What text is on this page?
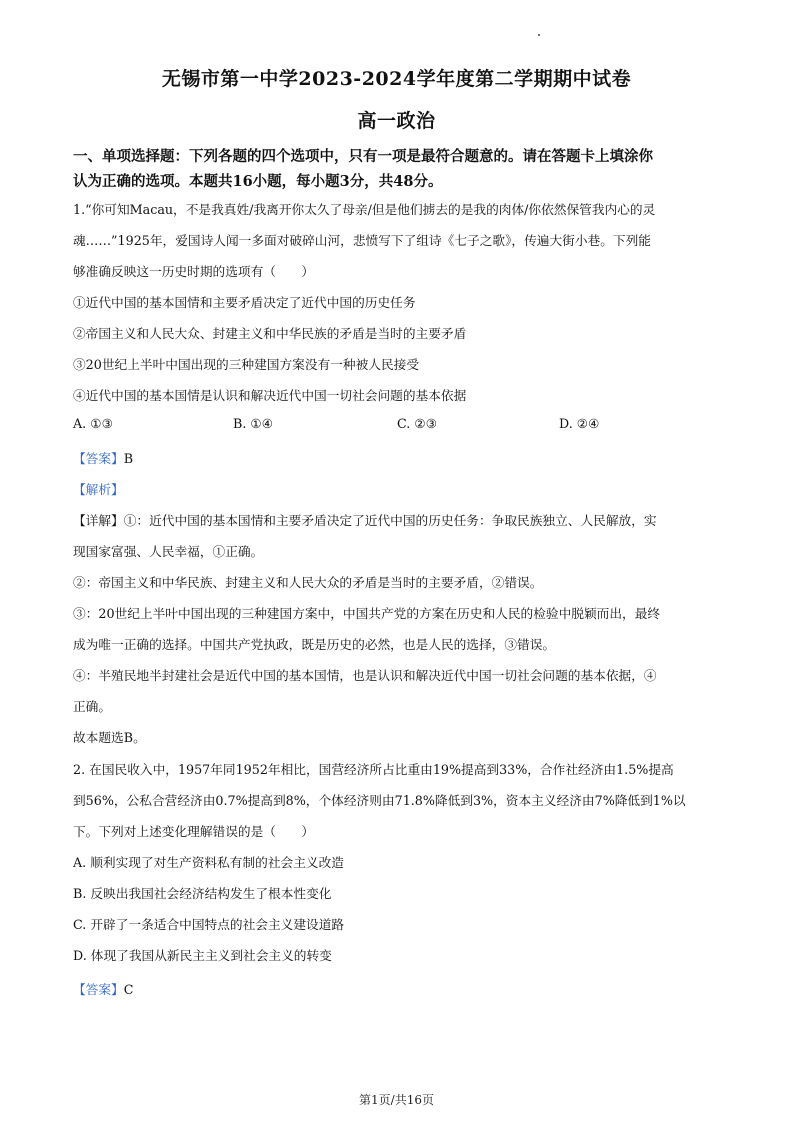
无锡市第一中学2023-2024学年度第二学期期中试卷
高一政治
一、单项选择题：下列各题的四个选项中，只有一项是最符合题意的。请在答题卡上填涂你
认为正确的选项。本题共16小题，每小题3分，共48分。
1.“你可知Macau，不是我真姓/我离开你太久了母亲/但是他们掳去的是我的肉体/你依然保管我内心的灵
魂……”1925年，爱国诗人闻一多面对破碎山河，悲愤写下了组诗《七子之歌》，传遍大街小巷。下列能
够准确反映这一历史时期的选项有（　　）
①近代中国的基本国情和主要矛盾决定了近代中国的历史任务
②帝国主义和人民大众、封建主义和中华民族的矛盾是当时的主要矛盾
③20世纪上半叶中国出现的三种建国方案没有一种被人民接受
④近代中国的基本国情是认识和解决近代中国一切社会问题的基本依据
A. ①③	B. ①④	C. ②③	D. ②④
【答案】B
【解析】
【详解】①：近代中国的基本国情和主要矛盾决定了近代中国的历史任务：争取民族独立、人民解放，实
现国家富强、人民幸福，①正确。
②：帝国主义和中华民族、封建主义和人民大众的矛盾是当时的主要矛盾，②错误。
③：20世纪上半叶中国出现的三种建国方案中，中国共产党的方案在历史和人民的检验中脱颖而出，最终
成为唯一正确的选择。中国共产党执政，既是历史的必然，也是人民的选择，③错误。
④：半殖民地半封建社会是近代中国的基本国情，也是认识和解决近代中国一切社会问题的基本依据，④
正确。
故本题选B。
2. 在国民收入中，1957年同1952年相比，国营经济所占比重由19%提高到33%，合作社经济由1.5%提高
到56%，公私合营经济由0.7%提高到8%，个体经济则由71.8%降低到3%，资本主义经济由7%降低到1%以
下。下列对上述变化理解错误的是（　　）
A. 顺利实现了对生产资料私有制的社会主义改造
B. 反映出我国社会经济结构发生了根本性变化
C. 开辟了一条适合中国特点的社会主义建设道路
D. 体现了我国从新民主主义到社会主义的转变
【答案】C
第1页/共16页
